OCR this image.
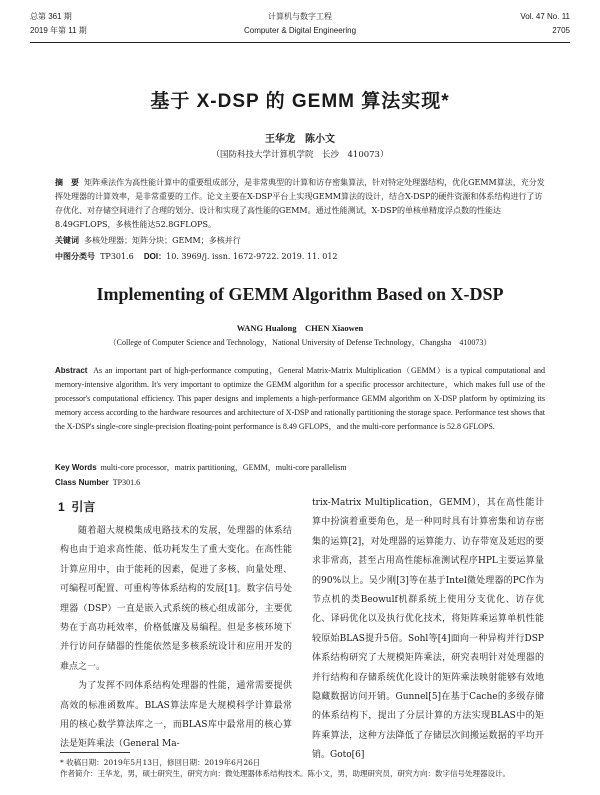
总第 361 期
2019 年第 11 期
计算机与数字工程
Computer & Digital Engineering
Vol. 47 No. 11
2705
基于 X-DSP 的 GEMM 算法实现*
王华龙　陈小文
（国防科技大学计算机学院　长沙　410073）
摘　要 矩阵乘法作为高性能计算中的重要组成部分，是非常典型的计算和访存密集算法，针对特定处理器结构，优化GEMM算法，充分发挥处理器的计算效率，是非常重要的工作。论文主要在X-DSP平台上实现GEMM算法的设计，结合X-DSP的硬件资源和体系结构进行了访存优化、对存储空间进行了合理的划分、设计和实现了高性能的GEMM。通过性能测试，X-DSP的单核单精度浮点数的性能达8.49GFLOPS，多核性能达52.8GFLOPS。
关键词 多核处理器；矩阵分块；GEMM；多核并行
中图分类号 TP301.6 DOI：10. 3969/j. issn. 1672-9722. 2019. 11. 012
Implementing of GEMM Algorithm Based on X-DSP
WANG Hualong　CHEN Xiaowen
（College of Computer Science and Technology，National University of Defense Technology，Changsha　410073）
Abstract As an important part of high-performance computing，General Matrix-Matrix Multiplication（GEMM）is a typical computational and memory-intensive algorithm. It's very important to optimize the GEMM algorithm for a specific processor architecture，which makes full use of the processor's computational efficiency. This paper designs and implements a high-performance GEMM algorithm on X-DSP platform by optimizing its memory access according to the hardware resources and architecture of X-DSP and rationally partitioning the storage space. Performance test shows that the X-DSP's single-core single-precision floating-point performance is 8.49 GFLOPS，and the multi-core performance is 52.8 GFLOPS.
Key Words multi-core processor，matrix partitioning，GEMM，multi-core parallelism
Class Number TP301.6
1 引言

随着超大规模集成电路技术的发展，处理器的体系结构也由于追求高性能、低功耗发生了重大变化。在高性能计算应用中，由于能耗的因素，促进了多核、向量处理、可编程可配置、可重构等体系结构的发展[1]。数字信号处理器（DSP）一直是嵌入式系统的核心组成部分，主要优势在于高功耗效率，价格低廉及易编程。但是多核环境下并行访问存储器的性能依然是多核系统设计和应用开发的难点之一。

为了发挥不同体系结构处理器的性能，通常需要提供高效的标准函数库。BLAS算法库是大规模科学计算最常用的核心数学算法库之一，而BLAS库中最常用的核心算法是矩阵乘法（General Ma-

trix-Matrix Multiplication，GEMM），其在高性能计算中扮演着重要角色，是一种同时具有计算密集和访存密集的运算[2]，对处理器的运算能力、访存带宽及延迟的要求非常高，甚至占用高性能标准测试程序HPL主要运算量的90%以上。吴少刚[3]等在基于Intel微处理器的PC作为节点机的类Beowulf机群系统上使用分支优化、访存优化、译码优化以及执行优化技术，将矩阵乘运算单机性能较原始BLAS提升5倍。Sohl等[4]面向一种异构并行DSP体系结构研究了大规模矩阵乘法，研究表明针对处理器的并行结构和存储系统优化设计的矩阵乘法映射能够有效地隐藏数据访问开销。Gunnel[5]在基于Cache的多级存储的体系结构下，提出了分层计算的方法实现BLAS中的矩阵乘算法，这种方法降低了存储层次间搬运数据的平均开销。Goto[6]

* 收稿日期：2019年5月13日，修回日期：2019年6月26日
作者简介：王华龙，男，硕士研究生，研究方向：微处理器体系结构技术。陈小文，男，助理研究员，研究方向：数字信号处理器设计。
